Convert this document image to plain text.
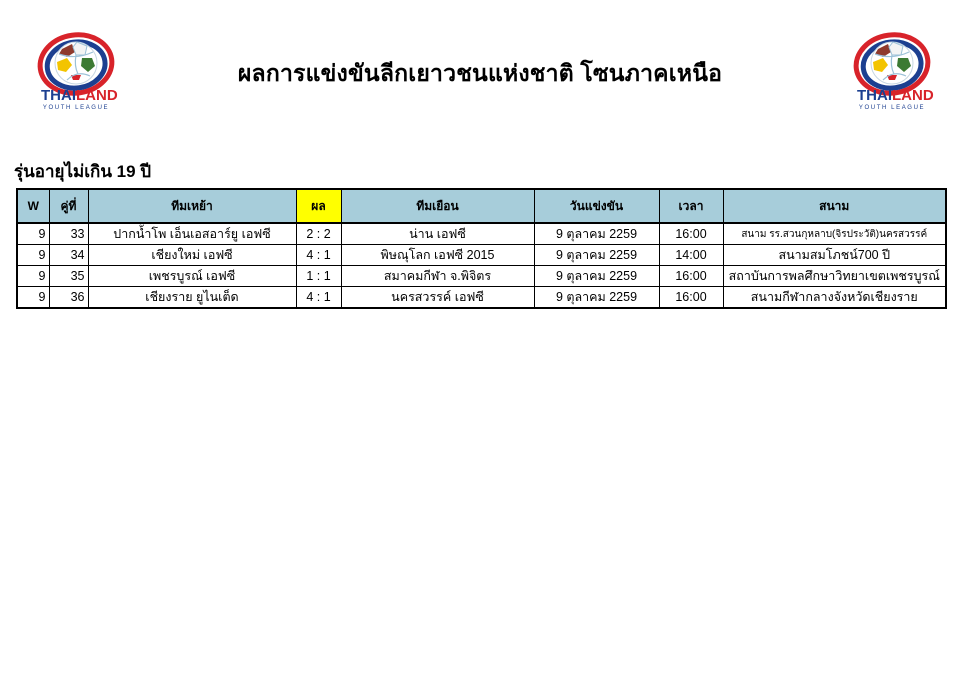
THAI LAND
YOUTH LEAGUE
THAI LAND
YOUTH LEAGUE
ผลการแข่งขันลีกเยาวชนแห่งชาติ โซนภาคเหนือ
รุ่นอายุไม่เกิน 19 ปี
W	คู่ที่	ทีมเหย้า	ผล	ทีมเยือน	วันแข่งขัน	เวลา	สนาม
9	33	ปากน้ำโพ เอ็นเอสอาร์ยู เอฟซี	2 : 2	น่าน เอฟซี	9 ตุลาคม 2259	16:00	สนาม รร.สวนกุหลาบ(จิรประวัติ)นครสวรรค์
9	34	เชียงใหม่ เอฟซี	4 : 1	พิษณุโลก เอฟซี 2015	9 ตุลาคม 2259	14:00	สนามสมโภชน์700 ปี
9	35	เพชรบูรณ์ เอฟซี	1 : 1	สมาคมกีฬา จ.พิจิตร	9 ตุลาคม 2259	16:00	สถาบันการพลศึกษาวิทยาเขตเพชรบูรณ์
9	36	เชียงราย ยูไนเต็ด	4 : 1	นครสวรรค์ เอฟซี	9 ตุลาคม 2259	16:00	สนามกีฬากลางจังหวัดเชียงราย
